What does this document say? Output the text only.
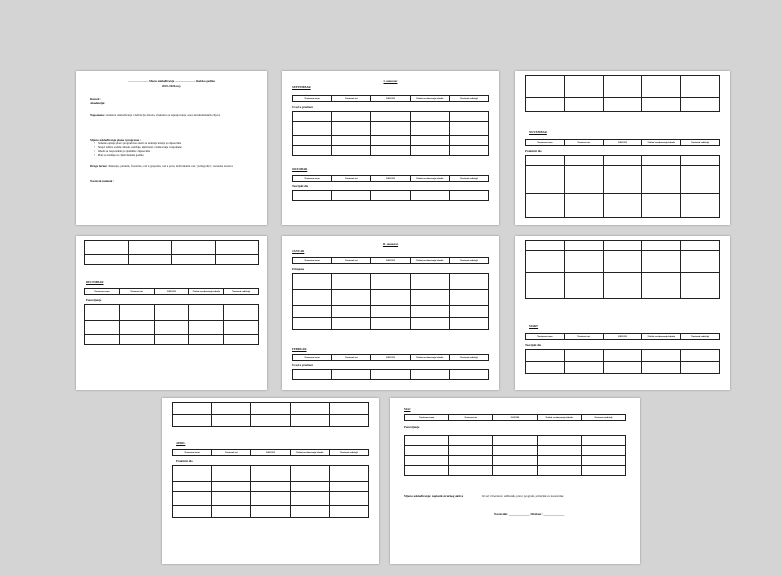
........................... Mesto usklađivanja ........................... školska godina
2025./2026.m.j.
Razred :
Akademija:
Napomena: struktura usklađivanja i definicija ishoda, strukturu za ispunjavanje, unos kurikulumskih ciljeva
Mjesto usklađivanja plana i programa :
• Sažetak opisuje plan i program kao okvir za sadržaje učenja po mjesecima
• Stupci tablice sadrže: ishode, sadržaje, aktivnosti, vrednovanje i napomene
• Ishodi su raspoređeni po tjednima i mjesecima
• Plan se izrađuje za cijelu školsku godinu
Druge forme: diskusija, plenum, frontalno, rad u grupama, rad u paru, individualni rad, "prilagodba", terenska nastava
Nastavni zadatak :
I. semestar
SEPTEMBAR
Nastavna tema	Nastavni sat	ISHODI	Načini vrednovanja ishoda	Nastavni sadržaji
Uvod u predmet

OKTOBAR
Nastavna tema	Nastavni sat	ISHODI	Načini vrednovanja ishoda	Nastavni sadržaji
Teorijski dio

NOVEMBAR
Nastavna tema	Nastavni sat	ISHODI	Načini vrednovanja ishoda	Nastavni sadržaji
Praktični dio

DECEMBAR
Nastavna tema	Nastavni sat	ISHODI	Načini vrednovanja ishoda	Nastavni sadržaji
Ponavljanje

II. semestar
JANUAR
Nastavna tema	Nastavni sat	ISHODI	Načini vrednovanja ishoda	Nastavni sadržaji
Primjena

FEBRUAR
Nastavna tema	Nastavni sat	ISHODI	Načini vrednovanja ishoda	Nastavni sadržaji
Uvod u predmet

MART
Nastavna tema	Nastavni sat	ISHODI	Načini vrednovanja ishoda	Nastavni sadržaji
Teorijski dio

APRIL
Nastavna tema	Nastavni sat	ISHODI	Načini vrednovanja ishoda	Nastavni sadržaji
Praktični dio

MAJ
Nastavna tema	Nastavni sat	ISHODI	Načini vrednovanja ishoda	Nastavni sadržaji
Ponavljanje

Mjesto usklađivanja: zapisnik stručnog aktiva	Izvori i literatura: udžbenik, plan i program, priručnik za nastavnike
Nastavnik: ______________ Direktor: ______________
